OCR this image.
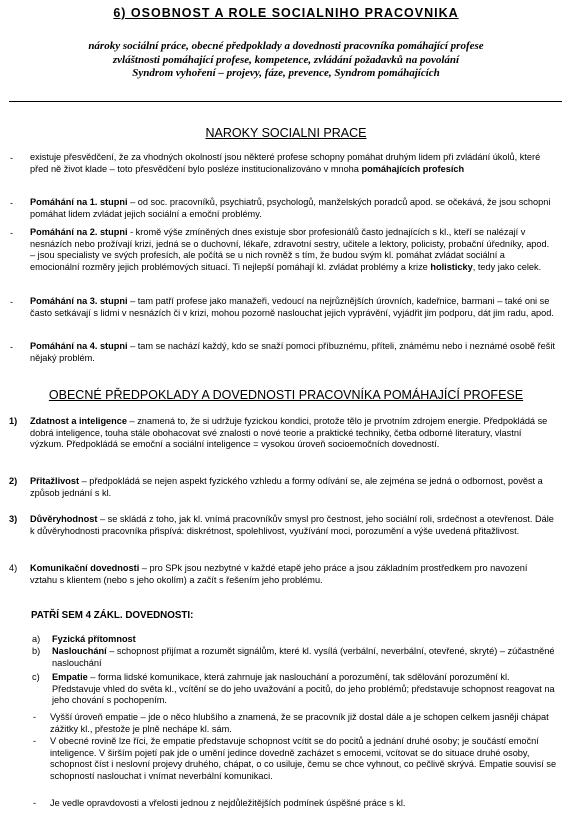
6) OSOBNOST A ROLE SOCIALNIHO PRACOVNIKA
nároky sociální práce, obecné předpoklady a dovednosti pracovníka pomáhající profese
zvláštnosti pomáhající profese, kompetence, zvládání požadavků na povolání
Syndrom vyhoření – projevy, fáze, prevence, Syndrom pomáhajících
NAROKY SOCIALNI PRACE
- existuje přesvědčení, že za vhodných okolností jsou některé profese schopny pomáhat druhým lidem při zvládání úkolů, které před ně život klade – toto přesvědčení bylo posléze institucionalizováno v mnoha pomáhajících profesích
- Pomáhání na 1. stupni – od soc. pracovníků, psychiatrů, psychologů, manželských poradců apod. se očekává, že jsou schopni pomáhat lidem zvládat jejich sociální a emoční problémy.
- Pomáhání na 2. stupni - kromě výše zmíněných dnes existuje sbor profesionálů často jednajících s kl., kteří se nalézají v nesnázích nebo prožívají krizi, jedná se o duchovní, lékaře, zdravotní sestry, učitele a lektory, policisty, probační úředníky, apod. – jsou specialisty ve svých profesích, ale počítá se u nich rovněž s tím, že budou svým kl. pomáhat zvládat sociální a emocionální rozměry jejich problémových situací. Ti nejlepší pomáhají kl. zvládat problémy a krize holisticky, tedy jako celek.
- Pomáhání na 3. stupni – tam patří profese jako manažeři, vedoucí na nejrůznějších úrovních, kadeřnice, barmani – také oni se často setkávají s lidmi v nesnázích či v krizi, mohou pozorně naslouchat jejich vyprávění, vyjádřit jim podporu, dát jim radu, apod.
- Pomáhání na 4. stupni – tam se nachází každý, kdo se snaží pomoci příbuznému, příteli, známému nebo i neznámé osobě řešit nějaký problém.
OBECNÉ PŘEDPOKLADY A DOVEDNOSTI PRACOVNÍKA POMÁHAJÍCÍ PROFESE
1) Zdatnost a inteligence – znamená to, že si udržuje fyzickou kondici, protože tělo je prvotním zdrojem energie. Předpokládá se dobrá inteligence, touha stále obohacovat své znalosti o nové teorie a praktické techniky, četba odborné literatury, vlastní výzkum. Předpokládá se emoční a sociální inteligence = vysokou úroveň socioemočních dovedností.
2) Přitažlivost – předpokládá se nejen aspekt fyzického vzhledu a formy odívání se, ale zejména se jedná o odbornost, pověst a způsob jednání s kl.
3) Důvěryhodnost – se skládá z toho, jak kl. vnímá pracovníkův smysl pro čestnost, jeho sociální roli, srdečnost a otevřenost. Dále k důvěryhodnosti pracovníka přispívá: diskrétnost, spolehlivost, využívání moci, porozumění a výše uvedená přitažlivost.
4) Komunikační dovednosti – pro SPk jsou nezbytné v každé etapě jeho práce a jsou základním prostředkem pro navození vztahu s klientem (nebo s jeho okolím) a začít s řešením jeho problému.
PATŘÍ SEM 4 ZÁKL. DOVEDNOSTI:
a) Fyzická přítomnost
b) Naslouchání – schopnost přijímat a rozumět signálům, které kl. vysílá (verbální, neverbální, otevřené, skryté) – zúčastněné naslouchání
c) Empatie – forma lidské komunikace, která zahrnuje jak naslouchání a porozumění, tak sdělování porozumění kl. Představuje vhled do světa kl., vcítění se do jeho uvažování a pocitů, do jeho problémů; představuje schopnost reagovat na jeho chování s pochopením.
- Vyšší úroveň empatie – jde o něco hlubšího a znamená, že se pracovník již dostal dále a je schopen celkem jasněji chápat zážitky kl., přestože je plně nechápe kl. sám.
- V obecné rovině lze říci, že empatie představuje schopnost vcítit se do pocitů a jednání druhé osoby; je součástí emoční inteligence. V širším pojetí pak jde o umění jedince dovedně zacházet s emocemi, vcítovat se do situace druhé osoby, schopnost číst i neslovní projevy druhého, chápat, o co usiluje, čemu se chce vyhnout, co pečlivě skrývá. Empatie souvisí se schopností naslouchat i vnímat neverbální komunikaci.
- Je vedle opravdovosti a vřelosti jednou z nejdůležitějších podmínek úspěšné práce s kl.
